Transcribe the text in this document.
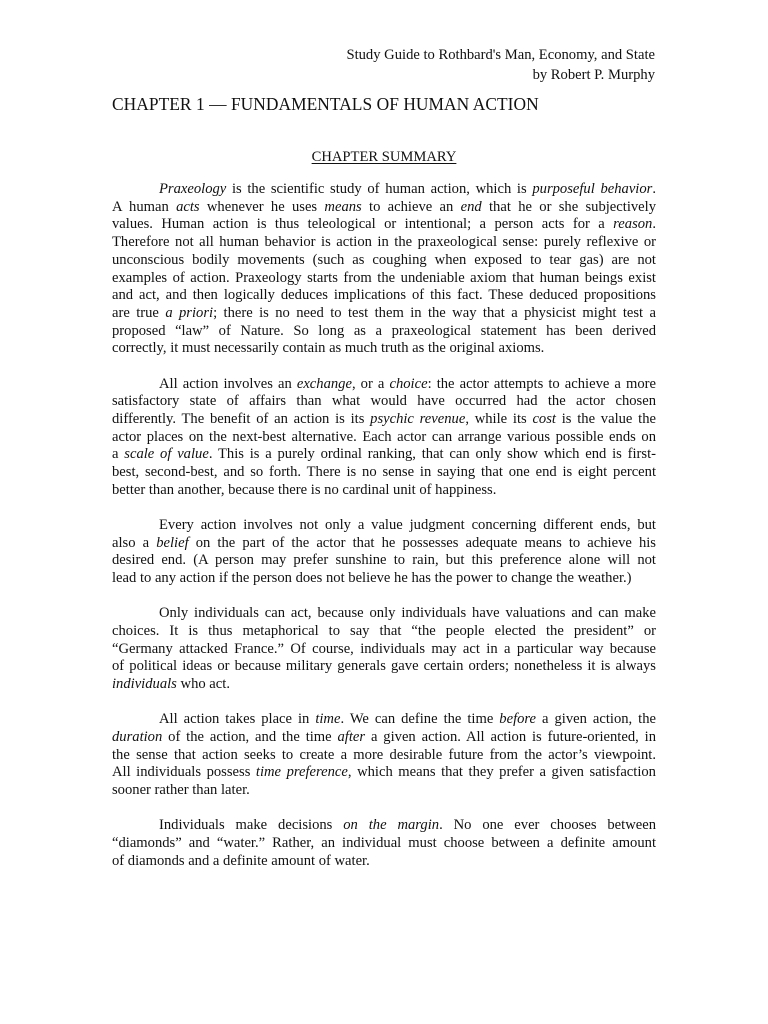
Study Guide to Rothbard's Man, Economy, and State
by Robert P. Murphy
CHAPTER 1 — FUNDAMENTALS OF HUMAN ACTION
CHAPTER SUMMARY

Praxeology is the scientific study of human action, which is purposeful behavior.
A human acts whenever he uses means to achieve an end that he or she subjectively
values. Human action is thus teleological or intentional; a person acts for a reason.
Therefore not all human behavior is action in the praxeological sense: purely reflexive or
unconscious bodily movements (such as coughing when exposed to tear gas) are not
examples of action. Praxeology starts from the undeniable axiom that human beings exist
and act, and then logically deduces implications of this fact. These deduced propositions
are true a priori; there is no need to test them in the way that a physicist might test a
proposed “law” of Nature. So long as a praxeological statement has been derived
correctly, it must necessarily contain as much truth as the original axioms.

All action involves an exchange, or a choice: the actor attempts to achieve a more
satisfactory state of affairs than what would have occurred had the actor chosen
differently. The benefit of an action is its psychic revenue, while its cost is the value the
actor places on the next-best alternative. Each actor can arrange various possible ends on
a scale of value. This is a purely ordinal ranking, that can only show which end is first-
best, second-best, and so forth. There is no sense in saying that one end is eight percent
better than another, because there is no cardinal unit of happiness.

Every action involves not only a value judgment concerning different ends, but
also a belief on the part of the actor that he possesses adequate means to achieve his
desired end. (A person may prefer sunshine to rain, but this preference alone will not
lead to any action if the person does not believe he has the power to change the weather.)

Only individuals can act, because only individuals have valuations and can make
choices. It is thus metaphorical to say that “the people elected the president” or
“Germany attacked France.” Of course, individuals may act in a particular way because
of political ideas or because military generals gave certain orders; nonetheless it is always
individuals who act.

All action takes place in time. We can define the time before a given action, the
duration of the action, and the time after a given action. All action is future-oriented, in
the sense that action seeks to create a more desirable future from the actor’s viewpoint.
All individuals possess time preference, which means that they prefer a given satisfaction
sooner rather than later.

Individuals make decisions on the margin. No one ever chooses between
“diamonds” and “water.” Rather, an individual must choose between a definite amount
of diamonds and a definite amount of water.
